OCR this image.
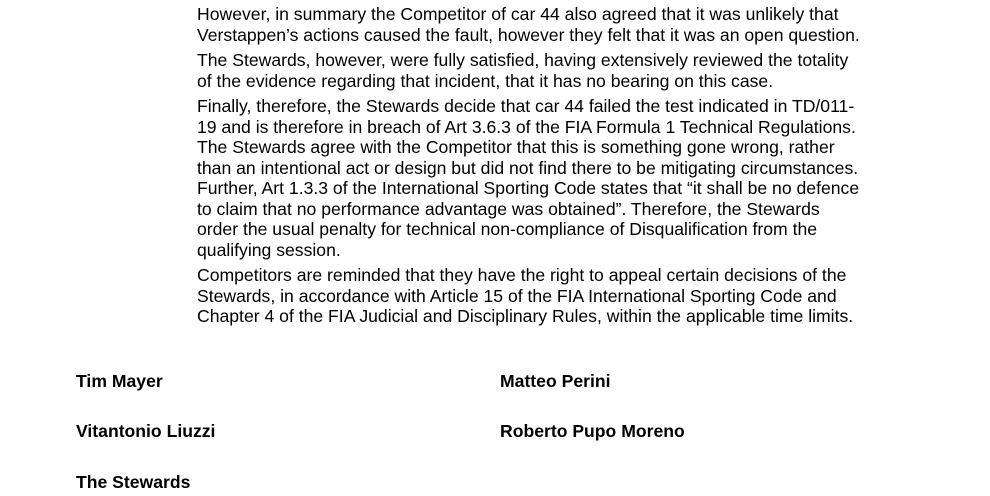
However, in summary the Competitor of car 44 also agreed that it was unlikely that
Verstappen’s actions caused the fault, however they felt that it was an open question.

The Stewards, however, were fully satisfied, having extensively reviewed the totality
of the evidence regarding that incident, that it has no bearing on this case.

Finally, therefore, the Stewards decide that car 44 failed the test indicated in TD/011-
19 and is therefore in breach of Art 3.6.3 of the FIA Formula 1 Technical Regulations.
The Stewards agree with the Competitor that this is something gone wrong, rather
than an intentional act or design but did not find there to be mitigating circumstances.
Further, Art 1.3.3 of the International Sporting Code states that “it shall be no defence
to claim that no performance advantage was obtained”. Therefore, the Stewards
order the usual penalty for technical non-compliance of Disqualification from the
qualifying session.

Competitors are reminded that they have the right to appeal certain decisions of the
Stewards, in accordance with Article 15 of the FIA International Sporting Code and
Chapter 4 of the FIA Judicial and Disciplinary Rules, within the applicable time limits.

Tim Mayer	Matteo Perini
Vitantonio Liuzzi	Roberto Pupo Moreno
The Stewards
